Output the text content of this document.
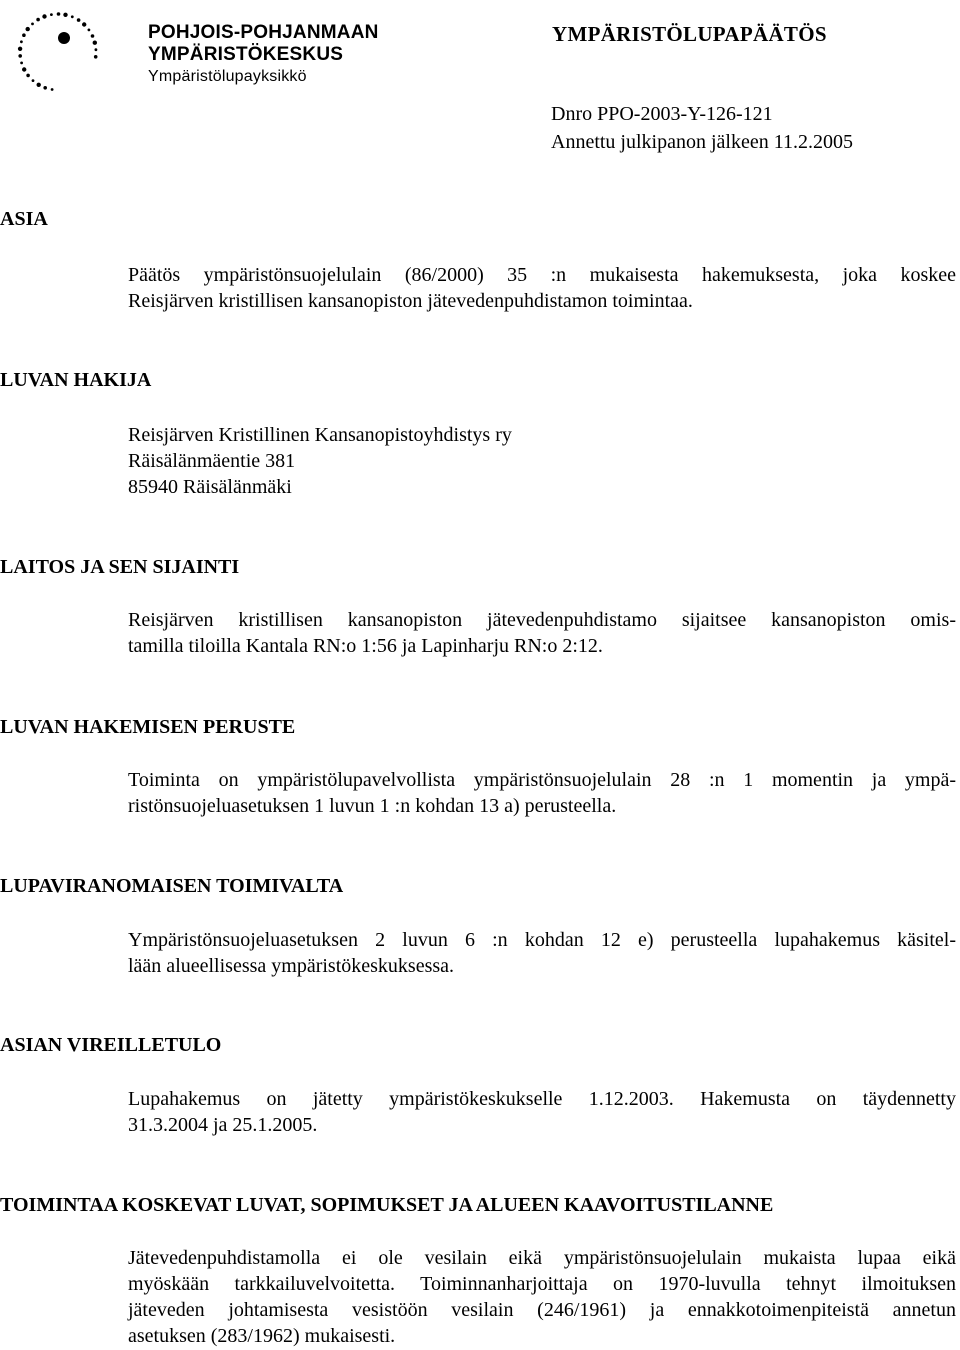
POHJOIS-POHJANMAAN
YMPÄRISTÖKESKUS
Ympäristölupayksikkö
YMPÄRISTÖLUPAPÄÄTÖS
Dnro PPO-2003-Y-126-121
Annettu julkipanon jälkeen 11.2.2005
ASIA

Päätös ympäristönsuojelulain (86/2000) 35 :n mukaisesta hakemuksesta, joka koskee
Reisjärven kristillisen kansanopiston jätevedenpuhdistamon toimintaa.

LUVAN HAKIJA

Reisjärven Kristillinen Kansanopistoyhdistys ry
Räisälänmäentie 381
85940 Räisälänmäki

LAITOS JA SEN SIJAINTI

Reisjärven kristillisen kansanopiston jätevedenpuhdistamo sijaitsee kansanopiston omis-
tamilla tiloilla Kantala RN:o 1:56 ja Lapinharju RN:o 2:12.

LUVAN HAKEMISEN PERUSTE

Toiminta on ympäristölupavelvollista ympäristönsuojelulain 28 :n 1 momentin ja ympä-
ristönsuojeluasetuksen 1 luvun 1 :n kohdan 13 a) perusteella.

LUPAVIRANOMAISEN TOIMIVALTA

Ympäristönsuojeluasetuksen 2 luvun 6 :n kohdan 12 e) perusteella lupahakemus käsitel-
lään alueellisessa ympäristökeskuksessa.

ASIAN VIREILLETULO

Lupahakemus on jätetty ympäristökeskukselle 1.12.2003. Hakemusta on täydennetty
31.3.2004 ja 25.1.2005.

TOIMINTAA KOSKEVAT LUVAT, SOPIMUKSET JA ALUEEN KAAVOITUSTILANNE

Jätevedenpuhdistamolla ei ole vesilain eikä ympäristönsuojelulain mukaista lupaa eikä
myöskään tarkkailuvelvoitetta. Toiminnanharjoittaja on 1970-luvulla tehnyt ilmoituksen
jäteveden johtamisesta vesistöön vesilain (246/1961) ja ennakkotoimenpiteistä annetun
asetuksen (283/1962) mukaisesti.
